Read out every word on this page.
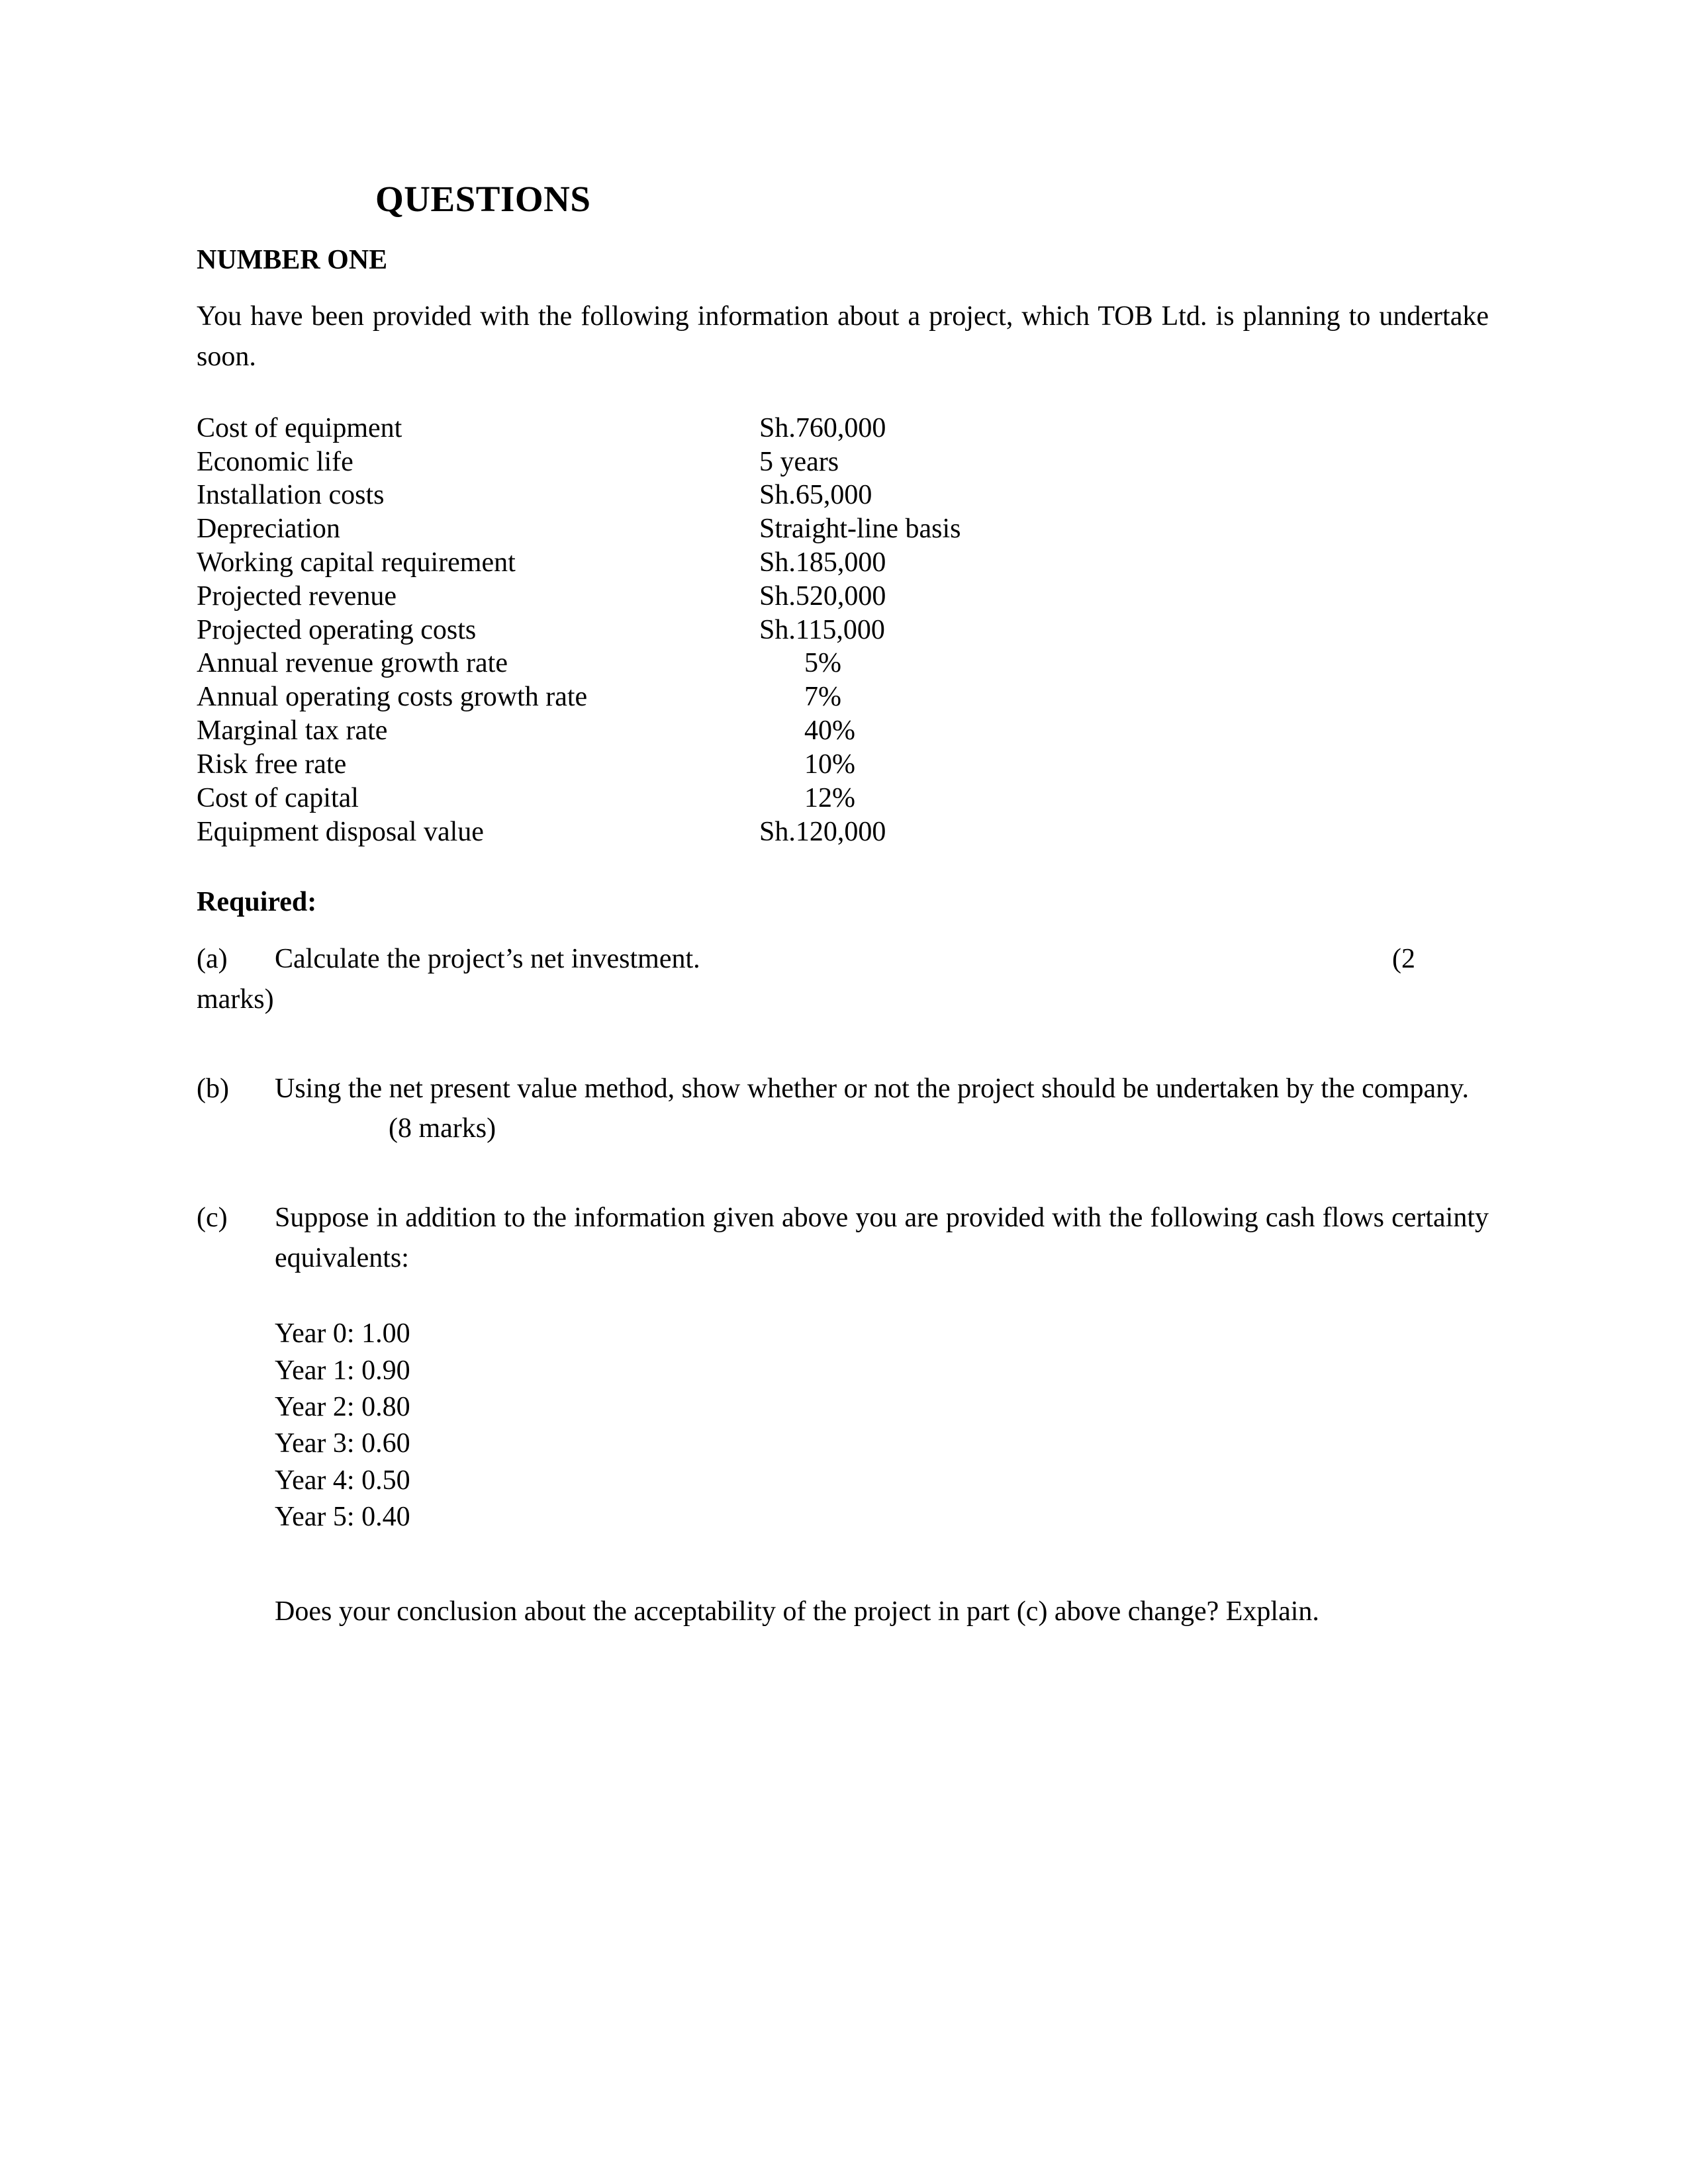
QUESTIONS
NUMBER ONE

You have been provided with the following information about a project, which TOB Ltd. is planning to undertake soon.

Cost of equipment	Sh.760,000
Economic life	5 years
Installation costs	Sh.65,000
Depreciation	Straight-line basis
Working capital requirement	Sh.185,000
Projected revenue	Sh.520,000
Projected operating costs	Sh.115,000
Annual revenue growth rate	5%
Annual operating costs growth rate	7%
Marginal tax rate	40%
Risk free rate	10%
Cost of capital	12%
Equipment disposal value	Sh.120,000
Required:
(a)	Calculate the project’s net investment.	(2
marks)
(b)	Using the net present value method, show whether or not the project should be undertaken by the company.
(8 marks)
(c)	Suppose in addition to the information given above you are provided with the following cash flows certainty equivalents:
Year 0: 1.00
Year 1: 0.90
Year 2: 0.80
Year 3: 0.60
Year 4: 0.50
Year 5: 0.40

Does your conclusion about the acceptability of the project in part (c) above change? Explain.
